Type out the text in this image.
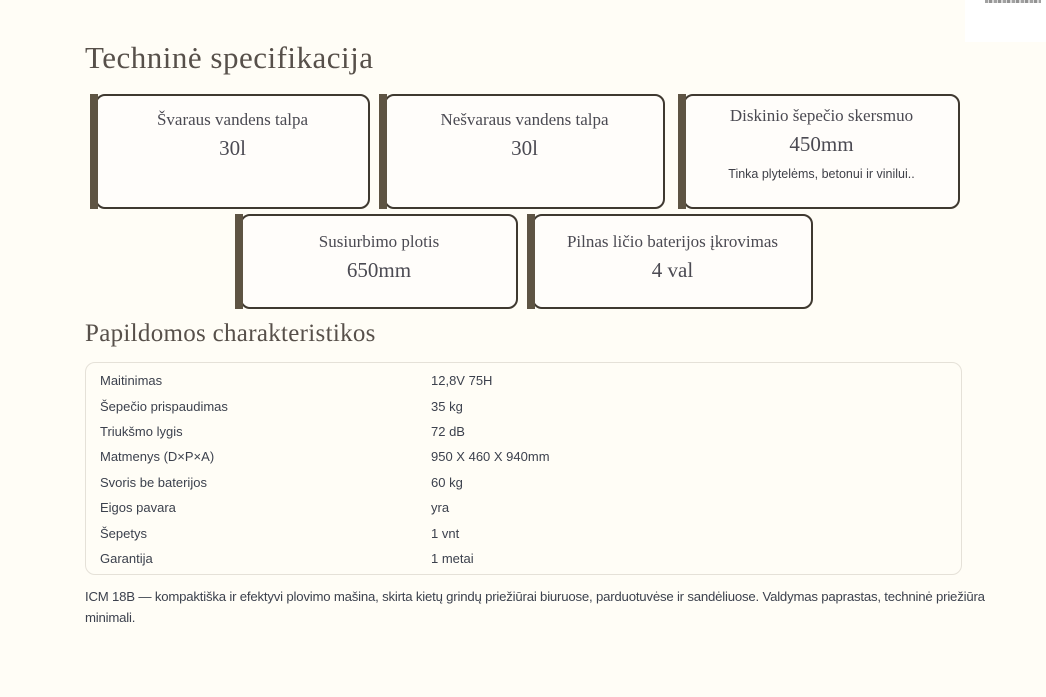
Techninė specifikacija
Švaraus vandens talpa
30l
Nešvaraus vandens talpa
30l
Diskinio šepečio skersmuo
450mm
Tinka plytelėms, betonui ir vinilui..
Susiurbimo plotis
650mm
Pilnas ličio baterijos įkrovimas
4 val
Papildomos charakteristikos
Maitinimas	12,8V 75H
Šepečio prispaudimas	35 kg
Triukšmo lygis	72 dB
Matmenys (D×P×A)	950 X 460 X 940mm
Svoris be baterijos	60 kg
Eigos pavara	yra
Šepetys	1 vnt
Garantija	1 metai

ICM 18B — kompaktiška ir efektyvi plovimo mašina, skirta kietų grindų priežiūrai biuruose, parduotuvėse ir sandėliuose. Valdymas paprastas, techninė priežiūra minimali.
